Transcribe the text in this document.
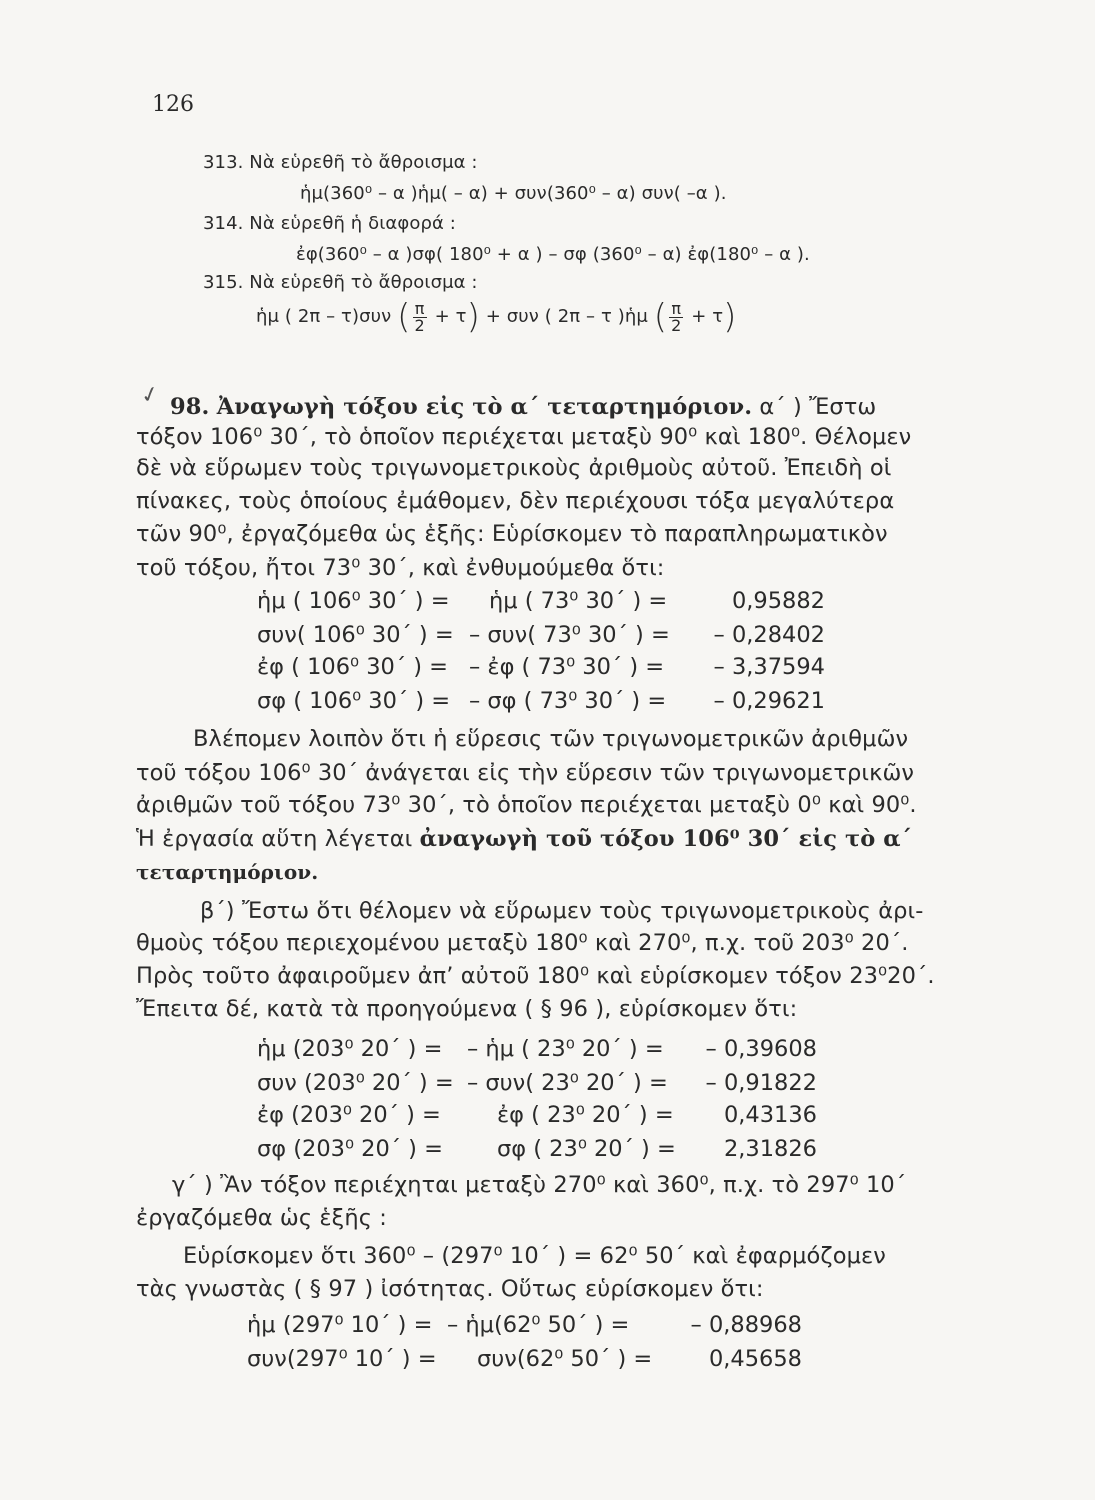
126
313. Νὰ εὑρεθῆ τὸ ἄθροισμα :
ἡμ(360⁰ – α )ἡμ( – α) + συν(360⁰ – α) συν( –α ).
314. Νὰ εὑρεθῆ ἡ διαφορά :
ἐφ(360⁰ – α )σφ( 180⁰ + α ) – σφ (360⁰ – α) ἐφ(180⁰ – α ).
315. Νὰ εὑρεθῆ τὸ ἄθροισμα :
ἡμ ( 2π – τ)συν ( $\frac{\pi}{2} + \tau) + \sigma\upsilon\nu$ ( 2π – τ )ἡμ ( $\frac{\pi}{2} + \tau$)
✓ 98. Ἀναγωγὴ τόξου εἰς τὸ α΄ τεταρτημόριον. α΄ ) Ἔστω
τόξον 106⁰ 30΄, τὸ ὁποῖον περιέχεται μεταξὺ 90⁰ καὶ 180⁰. Θέλομεν
δὲ νὰ εὕρωμεν τοὺς τριγωνομετρικοὺς ἀριθμοὺς αὐτοῦ. Ἐπειδὴ οἱ
πίνακες, τοὺς ὁποίους ἐμάθομεν, δὲν περιέχουσι τόξα μεγαλύτερα
τῶν 90⁰, ἐργαζόμεθα ὡς ἑξῆς: Εὑρίσκομεν τὸ παραπληρωματικὸν
τοῦ τόξου, ἤτοι 73⁰ 30΄, καὶ ἐνθυμούμεθα ὅτι:
ἡμ ( 106⁰ 30΄ ) = ἡμ ( 73⁰ 30΄ ) =	0,95882
συν( 106⁰ 30΄ ) = – συν( 73⁰ 30΄ ) =	– 0,28402
ἐφ ( 106⁰ 30΄ ) = – ἐφ ( 73⁰ 30΄ ) =	– 3,37594
σφ ( 106⁰ 30΄ ) = – σφ ( 73⁰ 30΄ ) =	– 0,29621
Βλέπομεν λοιπὸν ὅτι ἡ εὕρεσις τῶν τριγωνομετρικῶν ἀριθμῶν
τοῦ τόξου 106⁰ 30΄ ἀνάγεται εἰς τὴν εὕρεσιν τῶν τριγωνομετρικῶν
ἀριθμῶν τοῦ τόξου 73⁰ 30΄, τὸ ὁποῖον περιέχεται μεταξὺ 0⁰ καὶ 90⁰.
Ἡ ἐργασία αὕτη λέγεται ἀναγωγὴ τοῦ τόξου 106⁰ 30΄ εἰς τὸ α΄
τεταρτημόριον.
β΄) Ἔστω ὅτι θέλομεν νὰ εὕρωμεν τοὺς τριγωνομετρικοὺς ἀρι-
θμοὺς τόξου περιεχομένου μεταξὺ 180⁰ καὶ 270⁰, π.χ. τοῦ 203⁰ 20΄.
Πρὸς τοῦτο ἀφαιροῦμεν ἀπ’ αὐτοῦ 180⁰ καὶ εὑρίσκομεν τόξον 23⁰20΄.
Ἔπειτα δέ, κατὰ τὰ προηγούμενα ( § 96 ), εὑρίσκομεν ὅτι:
ἡμ (203⁰ 20΄ ) = – ἡμ ( 23⁰ 20΄ ) =	– 0,39608
συν (203⁰ 20΄ ) = – συν( 23⁰ 20΄ ) =	– 0,91822
ἐφ (203⁰ 20΄ ) = ἐφ ( 23⁰ 20΄ ) =	0,43136
σφ (203⁰ 20΄ ) = σφ ( 23⁰ 20΄ ) =	2,31826
γ΄ ) Ἂν τόξον περιέχηται μεταξὺ 270⁰ καὶ 360⁰, π.χ. τὸ 297⁰ 10΄
ἐργαζόμεθα ὡς ἑξῆς :
Εὑρίσκομεν ὅτι 360⁰ – (297⁰ 10΄ ) = 62⁰ 50΄ καὶ ἐφαρμόζομεν
τὰς γνωστὰς ( § 97 ) ἰσότητας. Οὕτως εὑρίσκομεν ὅτι:
ἡμ (297⁰ 10΄ ) = – ἡμ(62⁰ 50΄ ) =	– 0,88968
συν(297⁰ 10΄ ) = συν(62⁰ 50΄ ) =	0,45658
